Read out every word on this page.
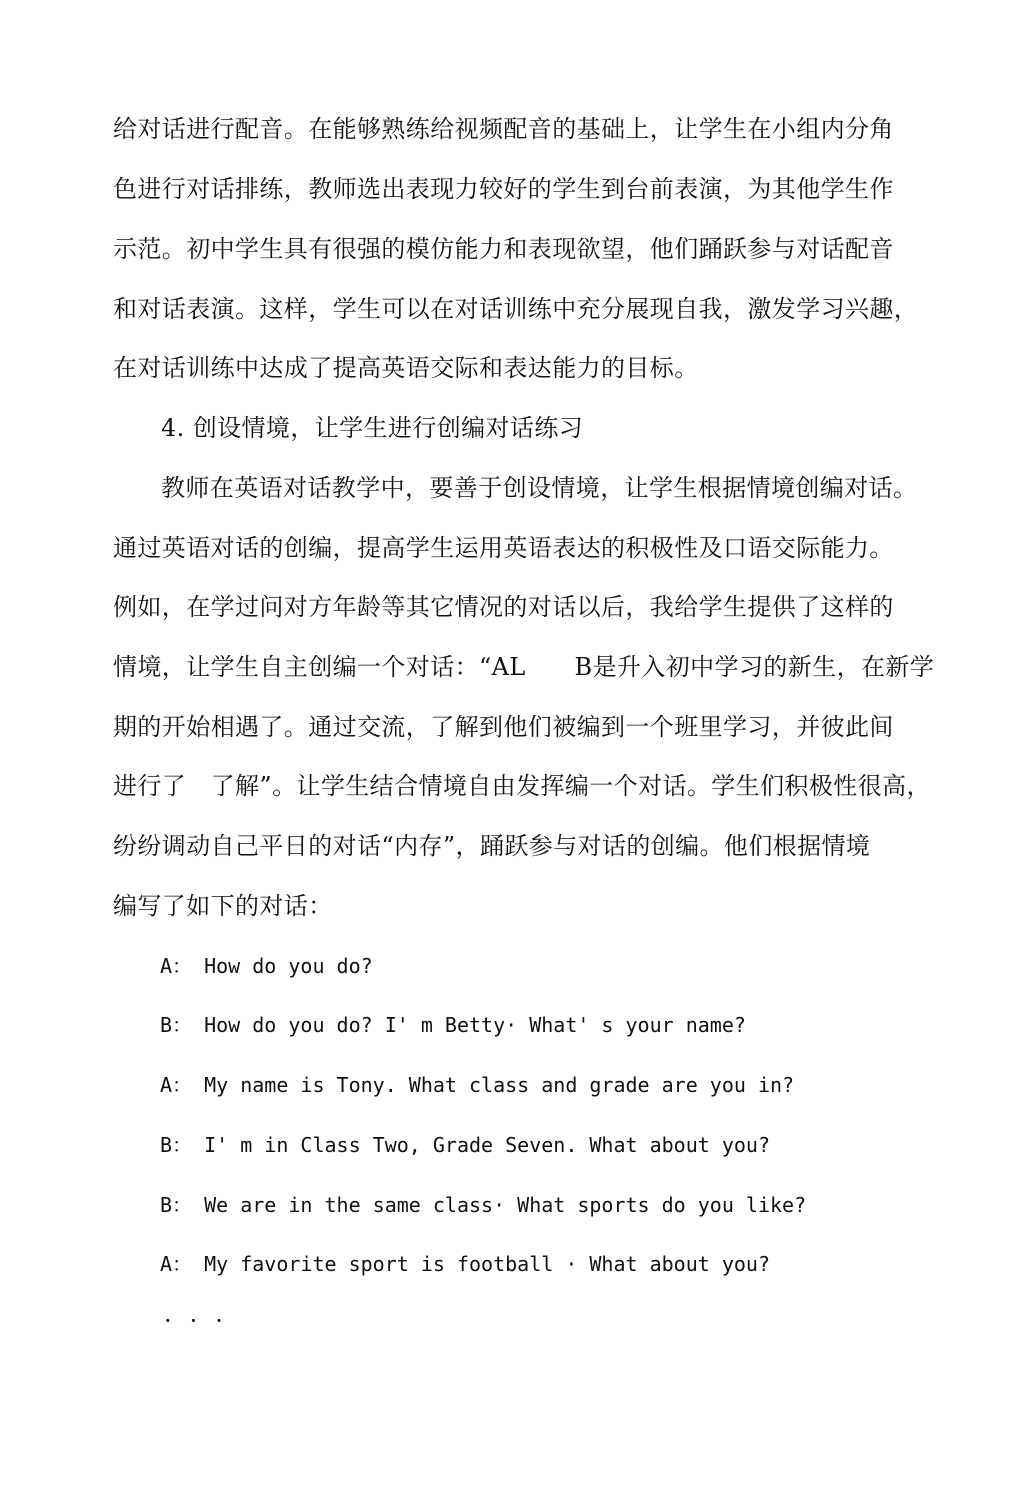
给对话进行配音。在能够熟练给视频配音的基础上，让学生在小组内分角
色进行对话排练，教师选出表现力较好的学生到台前表演，为其他学生作
示范。初中学生具有很强的模仿能力和表现欲望，他们踊跃参与对话配音
和对话表演。这样，学生可以在对话训练中充分展现自我，激发学习兴趣，
在对话训练中达成了提高英语交际和表达能力的目标。
4. 创设情境，让学生进行创编对话练习
教师在英语对话教学中，要善于创设情境，让学生根据情境创编对话。
通过英语对话的创编，提高学生运用英语表达的积极性及口语交际能力。
例如，在学过问对方年龄等其它情况的对话以后，我给学生提供了这样的
情境，让学生自主创编一个对话：“AL　　B是升入初中学习的新生，在新学
期的开始相遇了。通过交流，了解到他们被编到一个班里学习，并彼此间
进行了　了解”。让学生结合情境自由发挥编一个对话。学生们积极性很高，
纷纷调动自己平日的对话“内存”，踊跃参与对话的创编。他们根据情境
编写了如下的对话：
A： How do you do?
B： How do you do? I' m Betty· What' s your name?
A： My name is Tony. What class and grade are you in?
B： I' m in Class Two, Grade Seven. What about you?
B： We are in the same class· What sports do you like?
A： My favorite sport is football · What about you?
···
